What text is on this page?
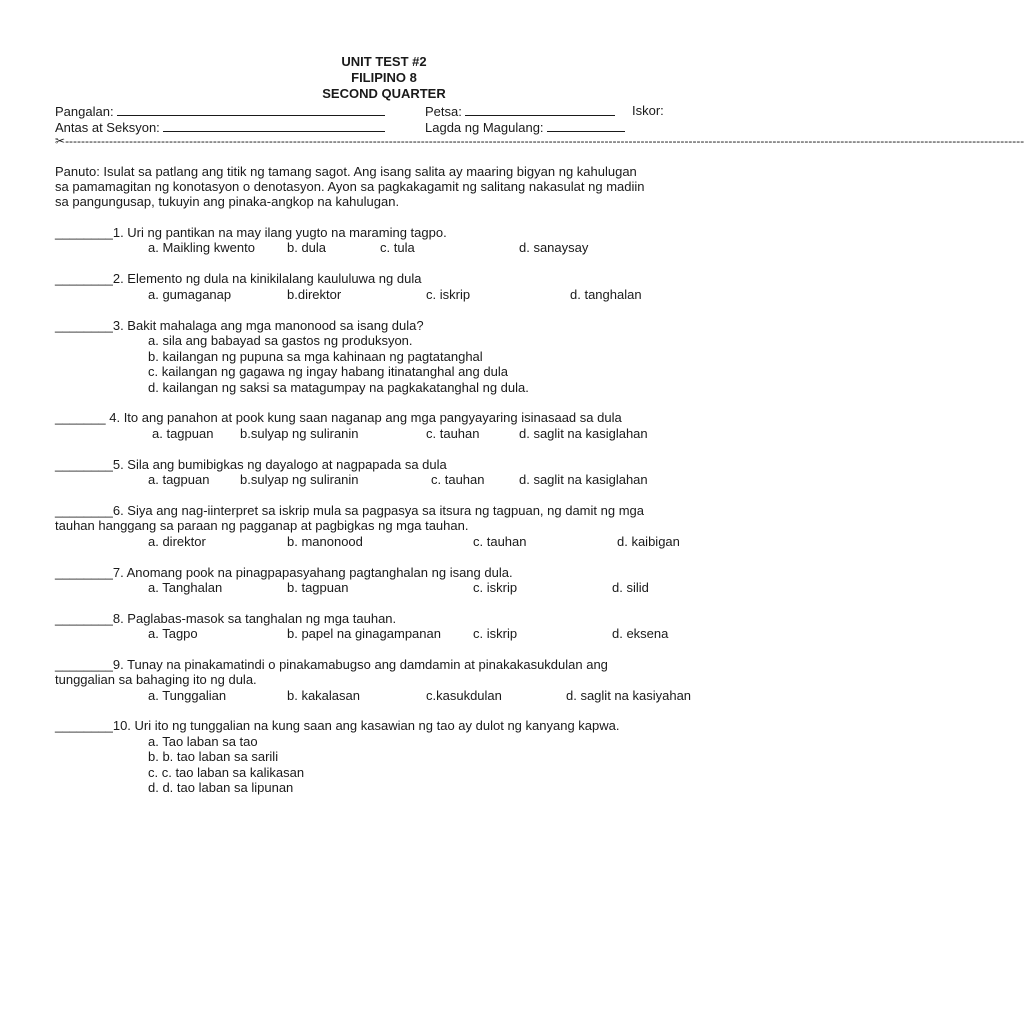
UNIT TEST #2
FILIPINO 8
SECOND QUARTER
Pangalan:	Petsa:	Iskor:
Antas at Seksyon:	Lagda ng Magulang:
✂------------------------------------------------------------------------------------------------------------------------------------------------------------------------------------------------------------------------------------------------
Panuto: Isulat sa patlang ang titik ng tamang sagot. Ang isang salita ay maaring bigyan ng kahulugan
sa pamamagitan ng konotasyon o denotasyon. Ayon sa pagkakagamit ng salitang nakasulat ng madiin
sa pangungusap, tukuyin ang pinaka-angkop na kahulugan.
________1. Uri ng pantikan na may ilang yugto na maraming tagpo.
a. Maikling kwento b. dula	c. tula	d. sanaysay
________2. Elemento ng dula na kinikilalang kaululuwa ng dula
a. gumaganap	b.direktor	c. iskrip	d. tanghalan
________3. Bakit mahalaga ang mga manonood sa isang dula?
a. sila ang babayad sa gastos ng produksyon.
b. kailangan ng pupuna sa mga kahinaan ng pagtatanghal
c. kailangan ng gagawa ng ingay habang itinatanghal ang dula
d. kailangan ng saksi sa matagumpay na pagkakatanghal ng dula.
_______ 4. Ito ang panahon at pook kung saan naganap ang mga pangyayaring isinasaad sa dula
a. tagpuan b.sulyap ng suliranin	c. tauhan	d. saglit na kasiglahan
________5. Sila ang bumibigkas ng dayalogo at nagpapada sa dula
a. tagpuan b.sulyap ng suliranin	c. tauhan	d. saglit na kasiglahan
________6. Siya ang nag-iinterpret sa iskrip mula sa pagpasya sa itsura ng tagpuan, ng damit ng mga
tauhan hanggang sa paraan ng pagganap at pagbigkas ng mga tauhan.
a. direktor	b. manonood	c. tauhan	d. kaibigan
________7. Anomang pook na pinagpapasyahang pagtanghalan ng isang dula.
a. Tanghalan	b. tagpuan	c. iskrip	d. silid
________8. Paglabas-masok sa tanghalan ng mga tauhan.
a. Tagpo	b. papel na ginagampanan c. iskrip	d. eksena
________9. Tunay na pinakamatindi o pinakamabugso ang damdamin at pinakakasukdulan ang
tunggalian sa bahaging ito ng dula.
a. Tunggalian	b. kakalasan	c.kasukdulan	d. saglit na kasiyahan
________10. Uri ito ng tunggalian na kung saan ang kasawian ng tao ay dulot ng kanyang kapwa.
a. Tao laban sa tao
b. b. tao laban sa sarili
c. c. tao laban sa kalikasan
d. d. tao laban sa lipunan
